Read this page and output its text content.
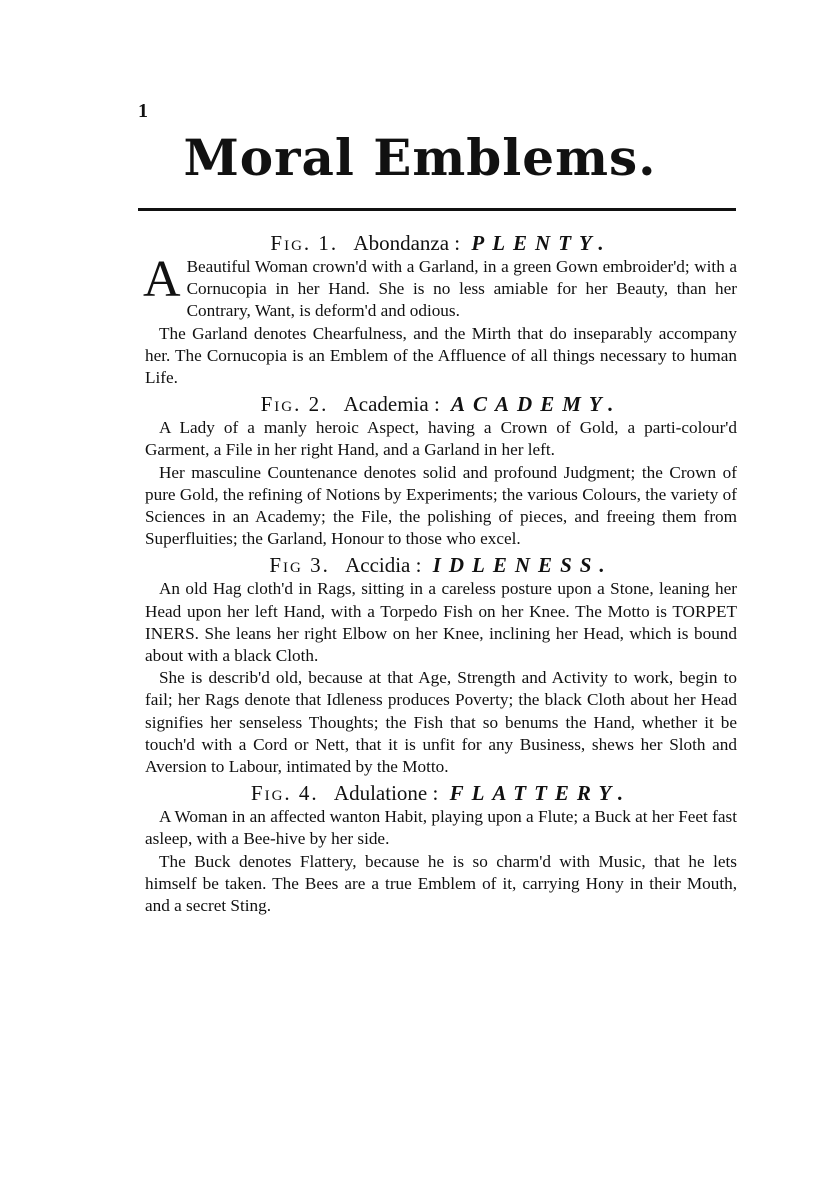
1
Moral Emblems.
Fig. 1. Abondanza : PLENTY.

A Beautiful Woman crown'd with a Garland, in a green Gown embroider'd; with a Cornucopia in her Hand. She is no less amiable for her Beauty, than her Contrary, Want, is deform'd and odious.

The Garland denotes Chearfulness, and the Mirth that do inseparably accompany her. The Cornucopia is an Emblem of the Affluence of all things necessary to human Life.

Fig. 2. Academia : ACADEMY.

A Lady of a manly heroic Aspect, having a Crown of Gold, a parti-colour'd Garment, a File in her right Hand, and a Garland in her left.

Her masculine Countenance denotes solid and profound Judgment; the Crown of pure Gold, the refining of Notions by Experiments; the various Colours, the variety of Sciences in an Academy; the File, the polishing of pieces, and freeing them from Superfluities; the Garland, Honour to those who excel.

Fig 3. Accidia : IDLENESS.

An old Hag cloth'd in Rags, sitting in a careless posture upon a Stone, leaning her Head upon her left Hand, with a Torpedo Fish on her Knee. The Motto is TORPET INERS. She leans her right Elbow on her Knee, inclining her Head, which is bound about with a black Cloth.

She is describ'd old, because at that Age, Strength and Activity to work, begin to fail; her Rags denote that Idleness produces Poverty; the black Cloth about her Head signifies her senseless Thoughts; the Fish that so benums the Hand, whether it be touch'd with a Cord or Nett, that it is unfit for any Business, shews her Sloth and Aversion to Labour, intimated by the Motto.

Fig. 4. Adulatione : FLATTERY.

A Woman in an affected wanton Habit, playing upon a Flute; a Buck at her Feet fast asleep, with a Bee-hive by her side.

The Buck denotes Flattery, because he is so charm'd with Music, that he lets himself be taken. The Bees are a true Emblem of it, carrying Hony in their Mouth, and a secret Sting.
